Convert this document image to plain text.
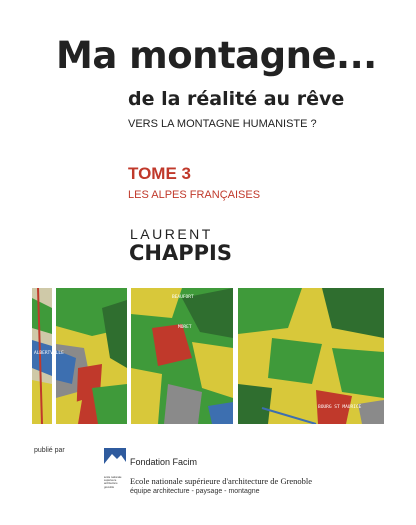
Ma montagne...
de la réalité au rêve
VERS LA MONTAGNE HUMANISTE ?
TOME 3
LES ALPES FRANÇAISES
LAURENT
CHAPPIS
ALBERTVILLE
BEAUFORT
MORET
BOURG ST MAURICE
publié par
Fondation Facim
école nationale
supérieure
architecture
grenoble
Ecole nationale supérieure d'architecture de Grenoble
équipe architecture - paysage - montagne
